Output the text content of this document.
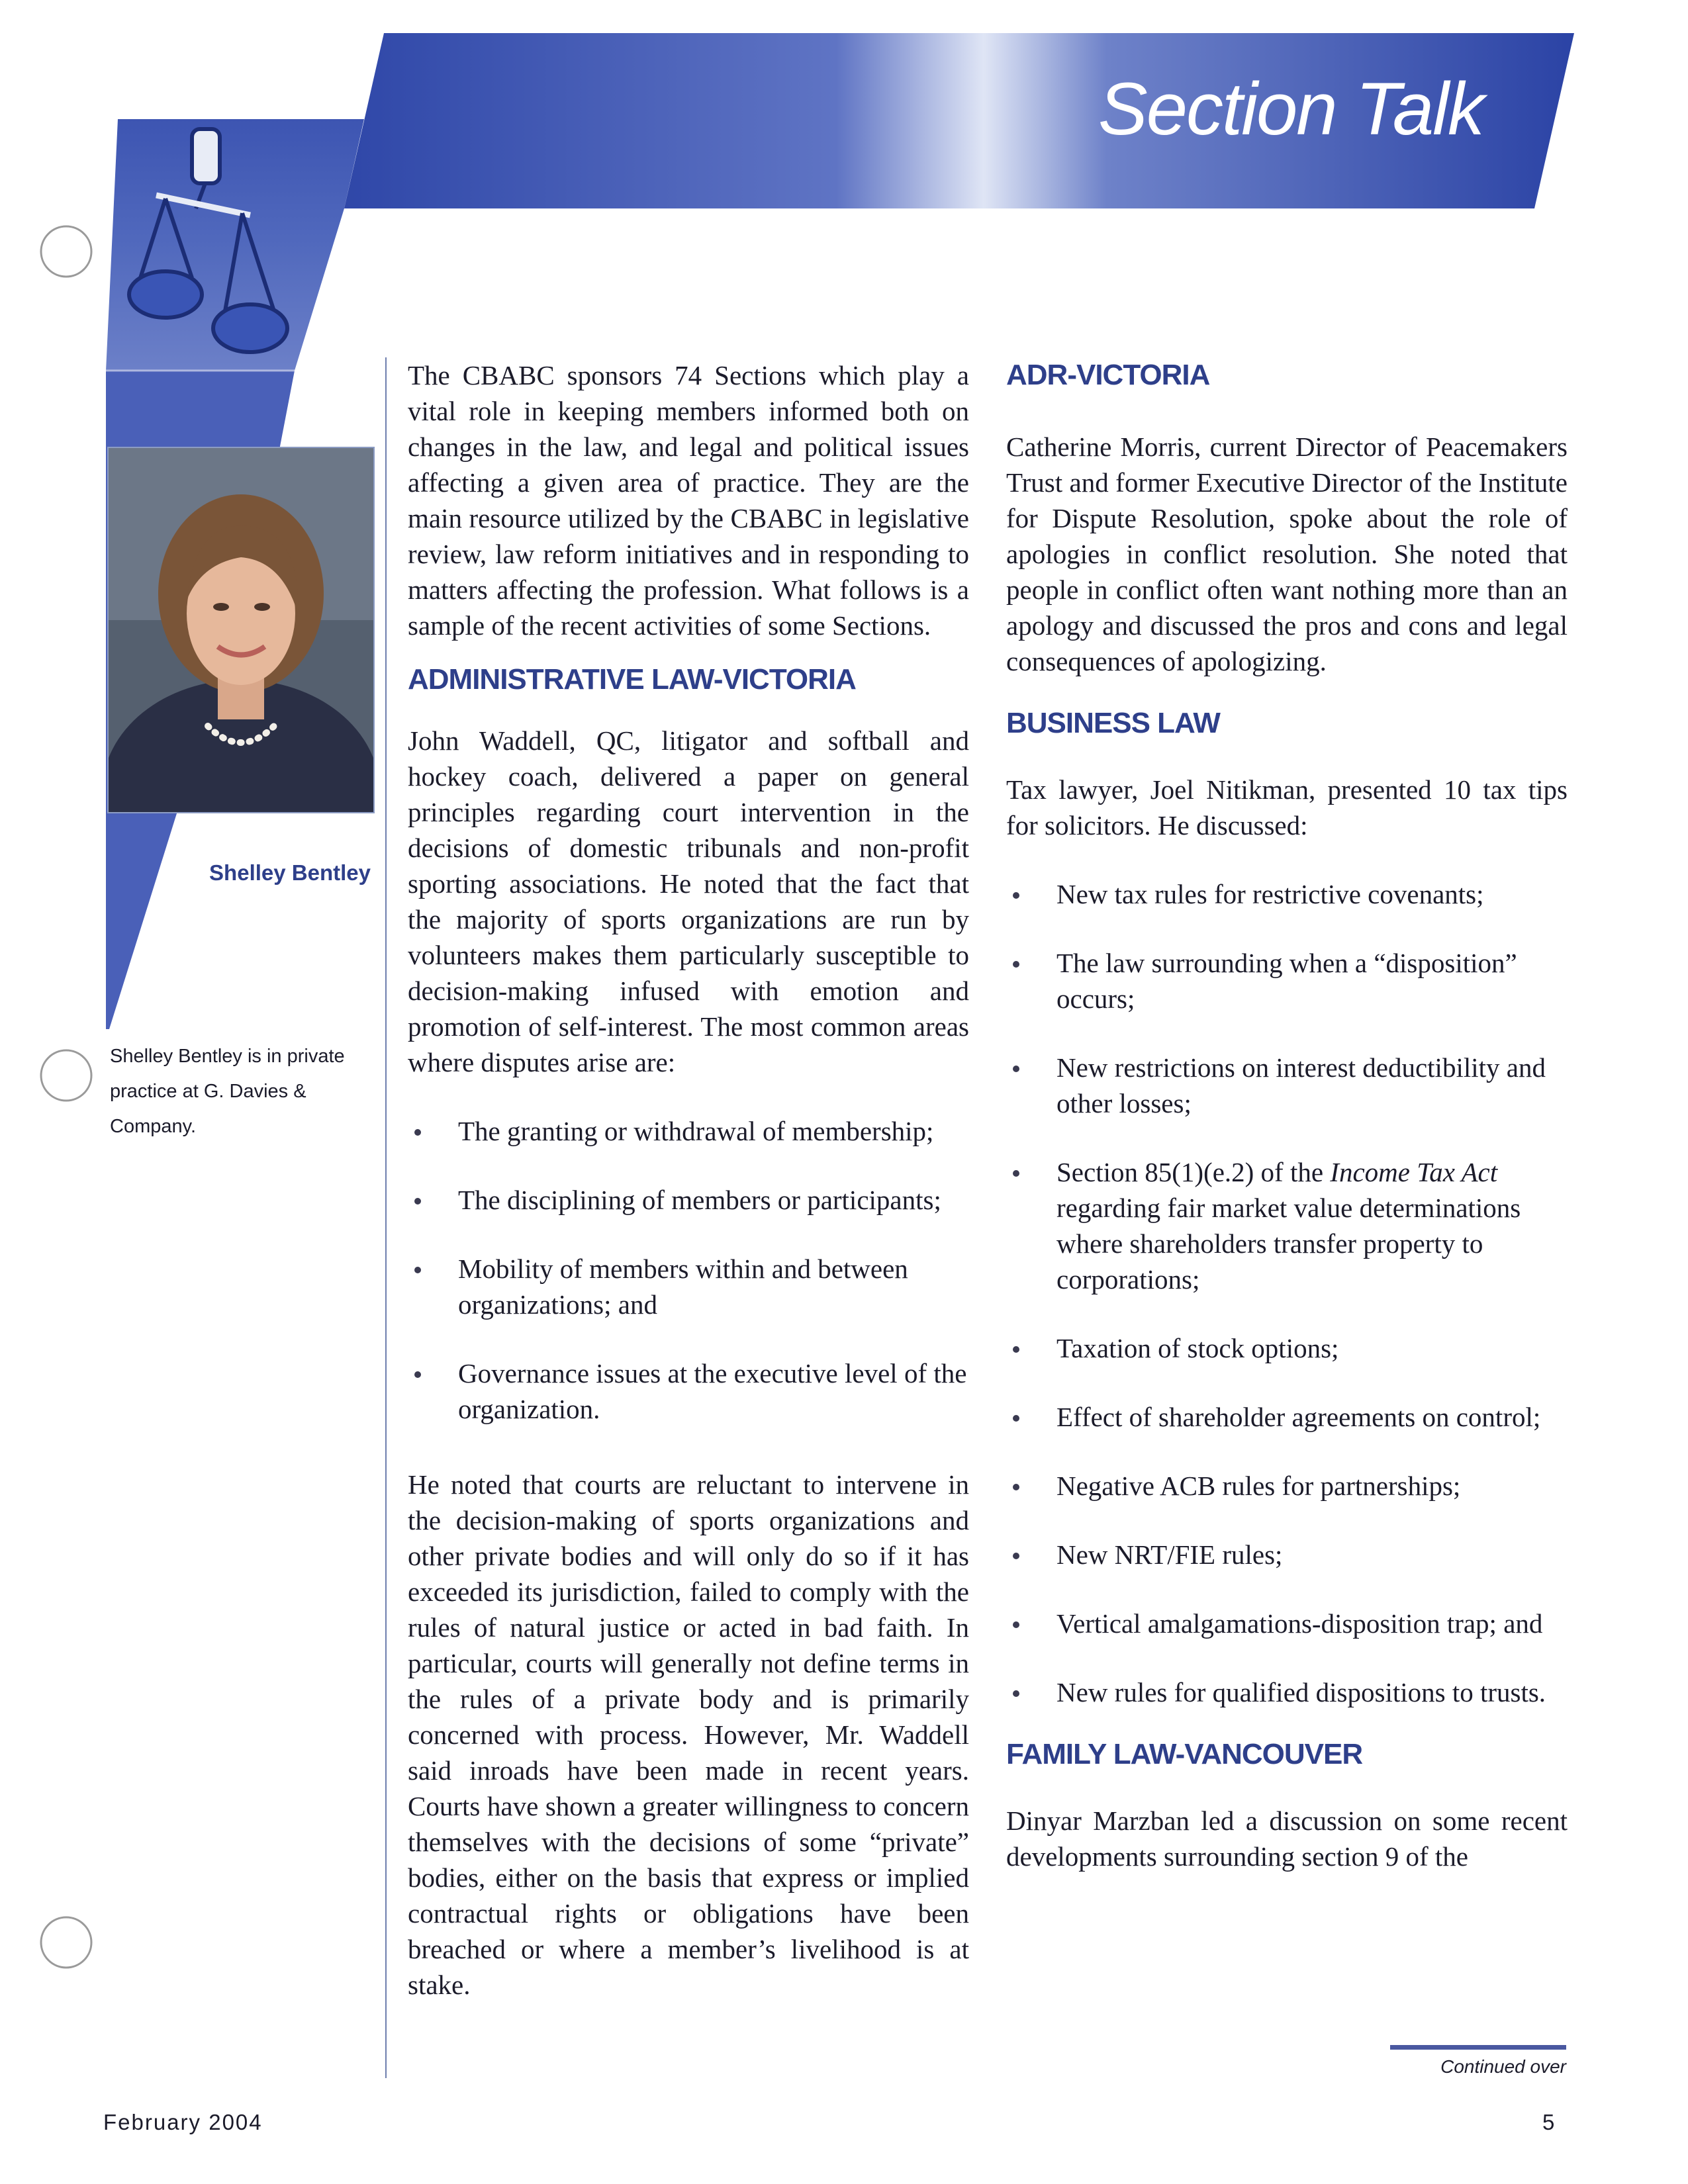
Section Talk
Shelley Bentley
Shelley Bentley is in private practice at G. Davies & Company.

The CBABC sponsors 74 Sections which play a vital role in keeping members informed both on changes in the law, and legal and political issues affecting a given area of practice. They are the main resource utilized by the CBABC in legislative review, law reform initiatives and in responding to matters affecting the profession. What follows is a sample of the recent activities of some Sections.

ADMINISTRATIVE LAW-VICTORIA

John Waddell, QC, litigator and softball and hockey coach, delivered a paper on general principles regarding court intervention in the decisions of domestic tribunals and non-profit sporting associations. He noted that the fact that the majority of sports organizations are run by volunteers makes them particularly susceptible to decision-making infused with emotion and promotion of self-interest. The most common areas where disputes arise are:

The granting or withdrawal of membership;
The disciplining of members or participants;
Mobility of members within and between organizations; and
Governance issues at the executive level of the organization.

He noted that courts are reluctant to intervene in the decision-making of sports organizations and other private bodies and will only do so if it has exceeded its jurisdiction, failed to comply with the rules of natural justice or acted in bad faith. In particular, courts will generally not define terms in the rules of a private body and is primarily concerned with process. However, Mr. Waddell said inroads have been made in recent years. Courts have shown a greater willingness to concern themselves with the decisions of some “private” bodies, either on the basis that express or implied contractual rights or obligations have been breached or where a member’s livelihood is at stake.

ADR-VICTORIA

Catherine Morris, current Director of Peacemakers Trust and former Executive Director of the Institute for Dispute Resolution, spoke about the role of apologies in conflict resolution. She noted that people in conflict often want nothing more than an apology and discussed the pros and cons and legal consequences of apologizing.

BUSINESS LAW

Tax lawyer, Joel Nitikman, presented 10 tax tips for solicitors. He discussed:

New tax rules for restrictive covenants;
The law surrounding when a “disposition” occurs;
New restrictions on interest deductibility and other losses;
Section 85(1)(e.2) of the Income Tax Act regarding fair market value determinations where shareholders transfer property to corporations;
Taxation of stock options;
Effect of shareholder agreements on control;
Negative ACB rules for partnerships;
New NRT/FIE rules;
Vertical amalgamations-disposition trap; and
New rules for qualified dispositions to trusts.
FAMILY LAW-VANCOUVER

Dinyar Marzban led a discussion on some recent developments surrounding section 9 of the

Continued over
February 2004	5
